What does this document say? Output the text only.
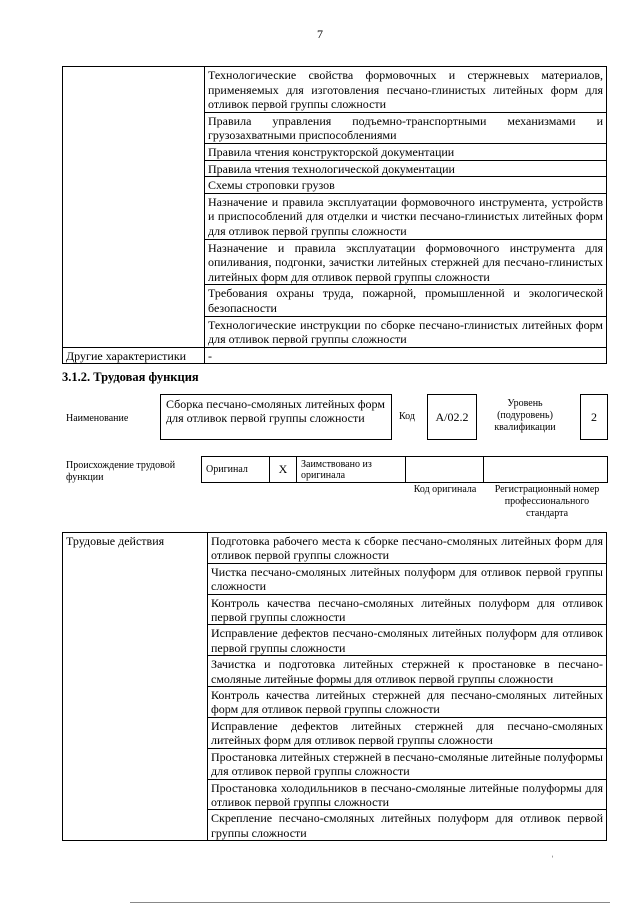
7
	Технологические свойства формовочных и стержневых материалов, применяемых для изготовления песчано-глинистых литейных форм для отливок первой группы сложности
	Правила управления подъемно-транспортными механизмами и грузозахватными приспособлениями
	Правила чтения конструкторской документации
	Правила чтения технологической документации
	Схемы строповки грузов
	Назначение и правила эксплуатации формовочного инструмента, устройств и приспособлений для отделки и чистки песчано-глинистых литейных форм для отливок первой группы сложности
	Назначение и правила эксплуатации формовочного инструмента для опиливания, подгонки, зачистки литейных стержней для песчано-глинистых литейных форм для отливок первой группы сложности
	Требования охраны труда, пожарной, промышленной и экологической безопасности
	Технологические инструкции по сборке песчано-глинистых литейных форм для отливок первой группы сложности
Другие характеристики	-
3.1.2. Трудовая функция
Наименование
Сборка песчано-смоляных литейных форм для отливок первой группы сложности	Код	A/02.2
Уровень (подуровень) квалификации
2
Происхождение трудовой функции
Оригинал	X	Заимствовано из оригинала
Код оригинала	Регистрационный номер профессионального стандарта
Трудовые действия	Подготовка рабочего места к сборке песчано-смоляных литейных форм для отливок первой группы сложности
Чистка песчано-смоляных литейных полуформ для отливок первой группы сложности
Контроль качества песчано-смоляных литейных полуформ для отливок первой группы сложности
Исправление дефектов песчано-смоляных литейных полуформ для отливок первой группы сложности
Зачистка и подготовка литейных стержней к простановке в песчано-смоляные литейные формы для отливок первой группы сложности
Контроль качества литейных стержней для песчано-смоляных литейных форм для отливок первой группы сложности
Исправление дефектов литейных стержней для песчано-смоляных литейных форм для отливок первой группы сложности
Простановка литейных стержней в песчано-смоляные литейные полуформы для отливок первой группы сложности
Простановка холодильников в песчано-смоляные литейные полуформы для отливок первой группы сложности
Скрепление песчано-смоляных литейных полуформ для отливок первой группы сложности
˒
